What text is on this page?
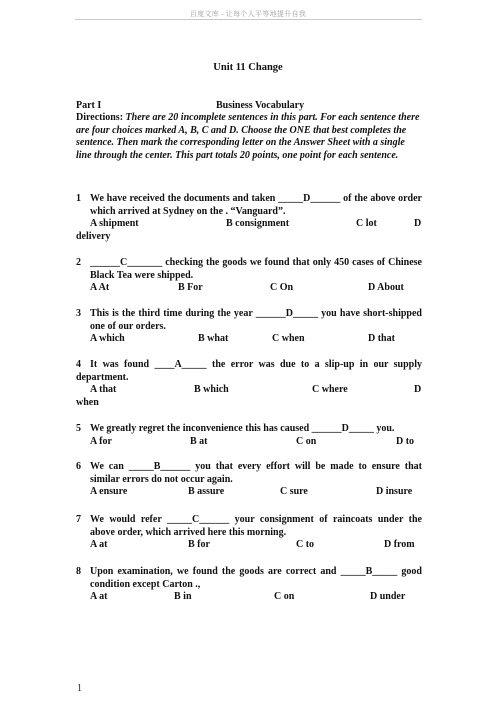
百度文库 - 让每个人平等地提升自我
Unit 11 Change
Part I	Business Vocabulary
Directions: There are 20 incomplete sentences in this part. For each sentence there are four choices marked A, B, C and D. Choose the ONE that best completes the sentence. Then mark the corresponding letter on the Answer Sheet with a single line through the center. This part totals 20 points, one point for each sentence.
1 We have received the documents and taken _____D______ of the above order
which arrived at Sydney on the . “Vanguard”.
A shipment	B consignment	C lot	D
delivery
2 ______C_______ checking the goods we found that only 450 cases of Chinese
Black Tea were shipped.
A At	B For	C On	D About
3 This is the third time during the year ______D_____ you have short-shipped
one of our orders.
A which	B what	C when	D that
4 It was found ____A_____ the error was due to a slip-up in our supply
department.
A that	B which	C where	D
when
5 We greatly regret the inconvenience this has caused ______D_____ you.
A for	B at	C on	D to
6 We can _____B______ you that every effort will be made to ensure that
similar errors do not occur again.
A ensure	B assure	C sure	D insure
7 We would refer _____C______ your consignment of raincoats under the
above order, which arrived here this morning.
A at	B for	C to	D from
8 Upon examination, we found the goods are correct and _____B_____ good
condition except Carton .,
A at	B in	C on	D under
1
